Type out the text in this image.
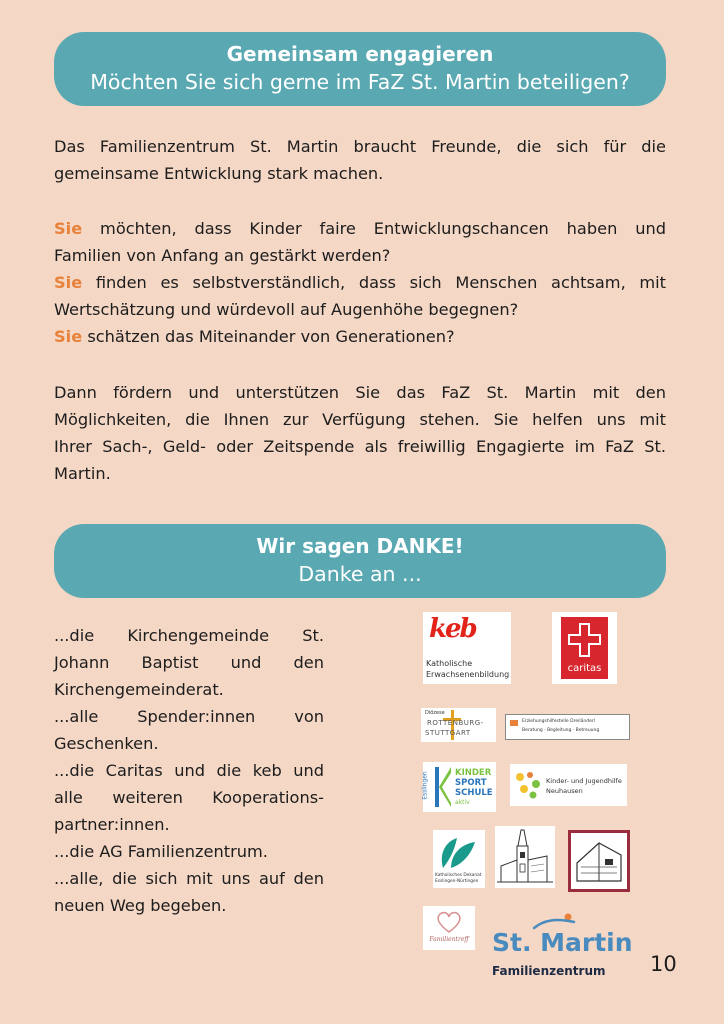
Gemeinsam engagieren
Möchten Sie sich gerne im FaZ St. Martin beteiligen?
Das Familienzentrum St. Martin braucht Freunde, die sich für die
gemeinsame Entwicklung stark machen.
Sie möchten, dass Kinder faire Entwicklungschancen haben und
Familien von Anfang an gestärkt werden?
Sie finden es selbstverständlich, dass sich Menschen achtsam, mit
Wertschätzung und würdevoll auf Augenhöhe begegnen?
Sie schätzen das Miteinander von Generationen?
Dann fördern und unterstützen Sie das FaZ St. Martin mit den
Möglichkeiten, die Ihnen zur Verfügung stehen. Sie helfen uns mit
Ihrer Sach-, Geld- oder Zeitspende als freiwillig Engagierte im FaZ St.
Martin.
Wir sagen DANKE!
Danke an ...
...die Kirchengemeinde St.
Johann Baptist und den
Kirchengemeinderat.
...alle Spender:innen von
Geschenken.
...die Caritas und die keb und
alle weiteren Kooperations-
partner:innen.
...die AG Familienzentrum.
...alle, die sich mit uns auf den
neuen Weg begeben.
keb
Katholische
Erwachsenenbildung
caritas
Diözese
ROTTENBURG-
STUTTGART
Erziehungshilfestelle Dreiländerl
Beratung · Begleitung · Betreuung
Esslingen	KINDER
SPORT
SCHULE
aktiv
Kinder- und Jugendhilfe
Neuhausen
Katholisches Dekanat
Esslingen-Nürtingen
Familientreff St. Martin
Familienzentrum 10
